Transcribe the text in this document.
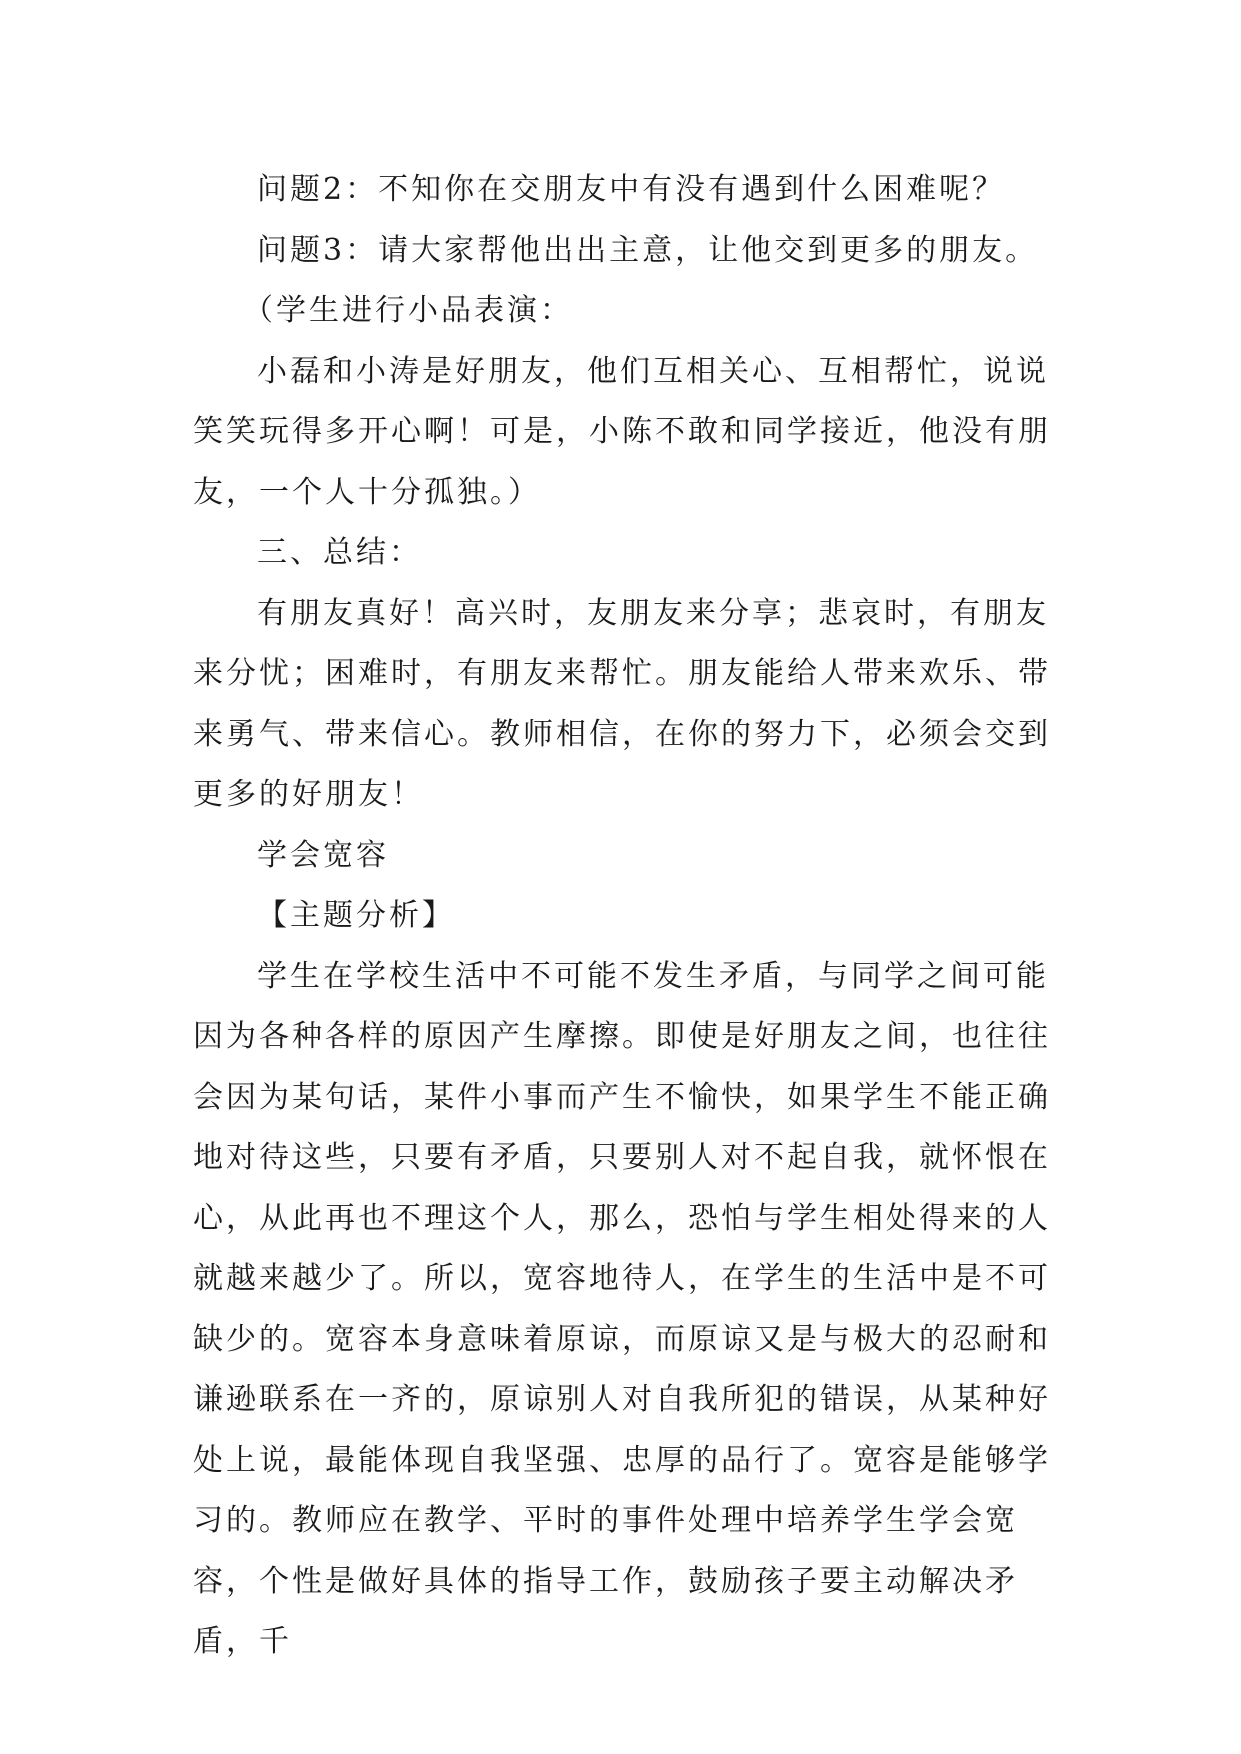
问题2：不知你在交朋友中有没有遇到什么困难呢？

问题3：请大家帮他出出主意，让他交到更多的朋友。

（学生进行小品表演：

小磊和小涛是好朋友，他们互相关心、互相帮忙，说说笑笑玩得多开心啊！可是，小陈不敢和同学接近，他没有朋友，一个人十分孤独。）

三、总结：

有朋友真好！高兴时，友朋友来分享；悲哀时，有朋友来分忧；困难时，有朋友来帮忙。朋友能给人带来欢乐、带来勇气、带来信心。教师相信，在你的努力下，必须会交到更多的好朋友！

学会宽容

【主题分析】

学生在学校生活中不可能不发生矛盾，与同学之间可能因为各种各样的原因产生摩擦。即使是好朋友之间，也往往会因为某句话，某件小事而产生不愉快，如果学生不能正确地对待这些，只要有矛盾，只要别人对不起自我，就怀恨在心，从此再也不理这个人，那么，恐怕与学生相处得来的人就越来越少了。所以，宽容地待人，在学生的生活中是不可缺少的。宽容本身意味着原谅，而原谅又是与极大的忍耐和谦逊联系在一齐的，原谅别人对自我所犯的错误，从某种好处上说，最能体现自我坚强、忠厚的品行了。宽容是能够学习的。教师应在教学、平时的事件处理中培养学生学会宽容，个性是做好具体的指导工作，鼓励孩子要主动解决矛盾，千
